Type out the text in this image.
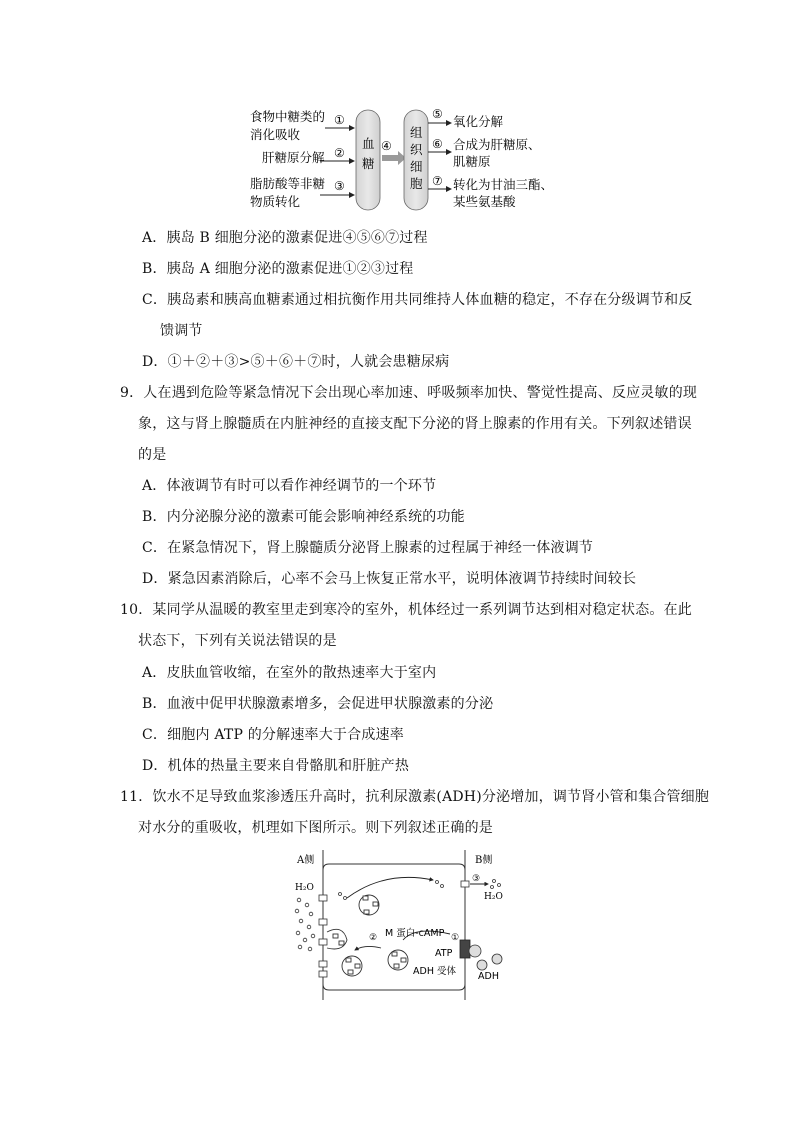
食物中糖类的
消化吸收
肝糖原分解
脂肪酸等非糖
物质转化
①
②
③
血
糖
④
组
织
细
胞
⑤
⑥
⑦
氧化分解
合成为肝糖原、
肌糖原
转化为甘油三酯、
某些氨基酸
A．胰岛 B 细胞分泌的激素促进④⑤⑥⑦过程
B．胰岛 A 细胞分泌的激素促进①②③过程
C．胰岛素和胰高血糖素通过相抗衡作用共同维持人体血糖的稳定，不存在分级调节和反
馈调节
D．①＋②＋③>⑤＋⑥＋⑦时，人就会患糖尿病
9．人在遇到危险等紧急情况下会出现心率加速、呼吸频率加快、警觉性提高、反应灵敏的现
象，这与肾上腺髓质在内脏神经的直接支配下分泌的肾上腺素的作用有关。下列叙述错误
的是
A．体液调节有时可以看作神经调节的一个环节
B．内分泌腺分泌的激素可能会影响神经系统的功能
C．在紧急情况下，肾上腺髓质分泌肾上腺素的过程属于神经一体液调节
D．紧急因素消除后，心率不会马上恢复正常水平，说明体液调节持续时间较长
10．某同学从温暖的教室里走到寒冷的室外，机体经过一系列调节达到相对稳定状态。在此
状态下，下列有关说法错误的是
A．皮肤血管收缩，在室外的散热速率大于室内
B．血液中促甲状腺激素增多，会促进甲状腺激素的分泌
C．细胞内 ATP 的分解速率大于合成速率
D．机体的热量主要来自骨骼肌和肝脏产热
11．饮水不足导致血浆渗透压升高时，抗利尿激素(ADH)分泌增加，调节肾小管和集合管细胞
对水分的重吸收，机理如下图所示。则下列叙述正确的是
A侧	B侧
H₂O
③
H₂O
② M 蛋白-cAMP ①
ATP
ADH 受体 ADH
